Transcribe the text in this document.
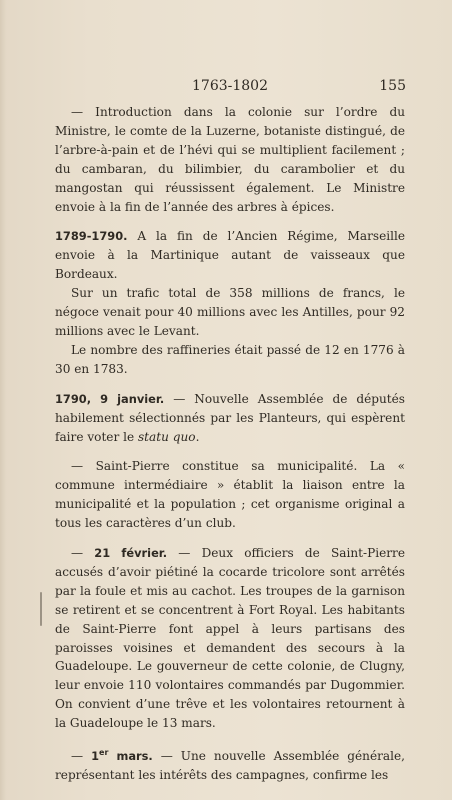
1763-1802	155

— Introduction dans la colonie sur l’ordre du Ministre, le comte de la Luzerne, botaniste distingué, de l’arbre-à-pain et de l’hévi qui se multiplient facilement ; du cambaran, du bilimbier, du carambolier et du mangostan qui réussissent également. Le Ministre envoie à la fin de l’année des arbres à épices.

1789-1790. A la fin de l’Ancien Régime, Marseille envoie à la Martinique autant de vaisseaux que Bordeaux.

Sur un trafic total de 358 millions de francs, le négoce venait pour 40 millions avec les Antilles, pour 92 millions avec le Levant.

Le nombre des raffineries était passé de 12 en 1776 à 30 en 1783.

1790, 9 janvier. — Nouvelle Assemblée de députés habilement sélectionnés par les Planteurs, qui espèrent faire voter le statu quo.

— Saint-Pierre constitue sa municipalité. La « commune intermédiaire » établit la liaison entre la municipalité et la population ; cet organisme original a tous les caractères d’un club.

— 21 février. — Deux officiers de Saint-Pierre accusés d’avoir piétiné la cocarde tricolore sont arrêtés par la foule et mis au cachot. Les troupes de la garnison se retirent et se concentrent à Fort Royal. Les habitants de Saint-Pierre font appel à leurs partisans des paroisses voisines et demandent des secours à la Guadeloupe. Le gouverneur de cette colonie, de Clugny, leur envoie 110 volontaires commandés par Dugommier. On convient d’une trêve et les volontaires retournent à la Guadeloupe le 13 mars.

— 1er mars. — Une nouvelle Assemblée générale, représentant les intérêts des campagnes, confirme les
